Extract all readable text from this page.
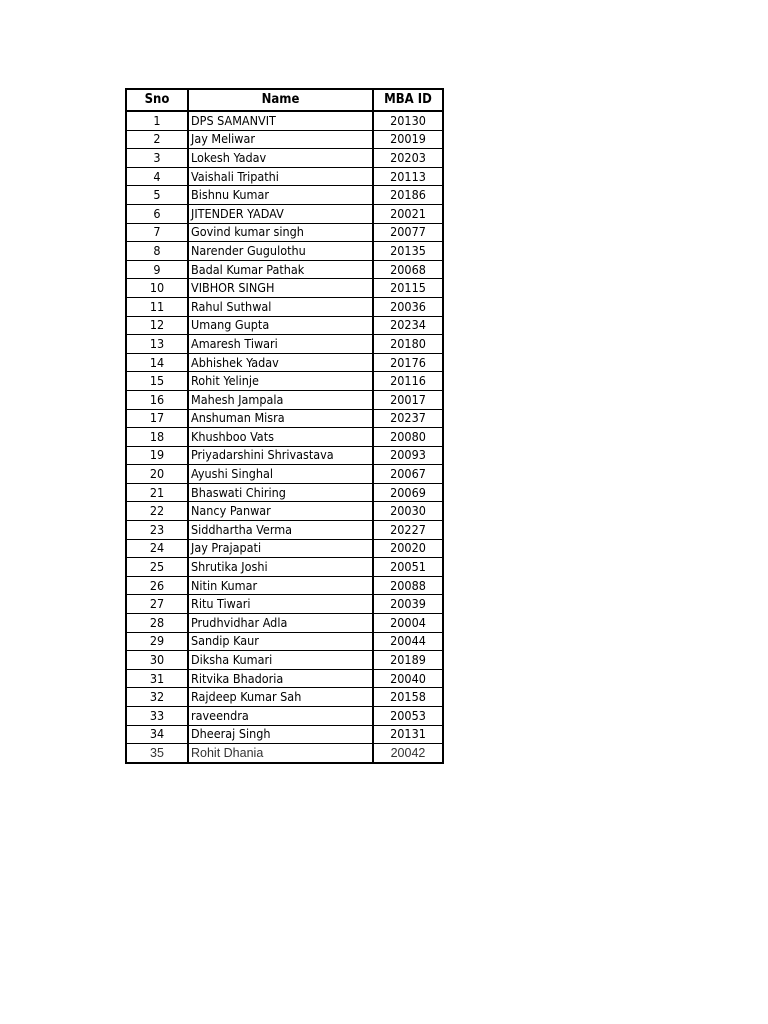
Sno	Name	MBA ID
1	DPS SAMANVIT	20130
2	Jay Meliwar	20019
3	Lokesh Yadav	20203
4	Vaishali Tripathi	20113
5	Bishnu Kumar	20186
6	JITENDER YADAV	20021
7	Govind kumar singh	20077
8	Narender Gugulothu	20135
9	Badal Kumar Pathak	20068
10	VIBHOR SINGH	20115
11	Rahul Suthwal	20036
12	Umang Gupta	20234
13	Amaresh Tiwari	20180
14	Abhishek Yadav	20176
15	Rohit Yelinje	20116
16	Mahesh Jampala	20017
17	Anshuman Misra	20237
18	Khushboo Vats	20080
19	Priyadarshini Shrivastava	20093
20	Ayushi Singhal	20067
21	Bhaswati Chiring	20069
22	Nancy Panwar	20030
23	Siddhartha Verma	20227
24	Jay Prajapati	20020
25	Shrutika Joshi	20051
26	Nitin Kumar	20088
27	Ritu Tiwari	20039
28	Prudhvidhar Adla	20004
29	Sandip Kaur	20044
30	Diksha Kumari	20189
31	Ritvika Bhadoria	20040
32	Rajdeep Kumar Sah	20158
33	raveendra	20053
34	Dheeraj Singh	20131
35	Rohit Dhania	20042
